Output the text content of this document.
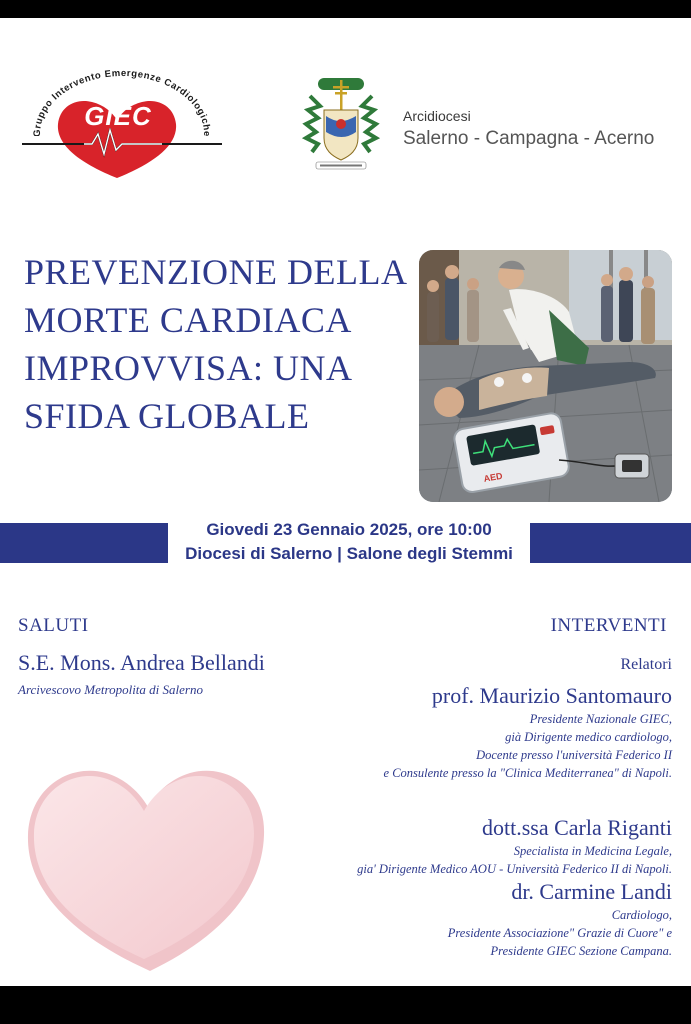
Gruppo Intervento Emergenze Cardiologiche
GIEC	Arcidiocesi
Salerno - Campagna - Acerno
PREVENZIONE DELLA
MORTE CARDIACA
IMPROVVISA: UNA
SFIDA GLOBALE
AED
Giovedi 23 Gennaio 2025, ore 10:00
Diocesi di Salerno | Salone degli Stemmi
SALUTI
S.E. Mons. Andrea Bellandi
Arcivescovo Metropolita di Salerno
INTERVENTI
Relatori
prof. Maurizio Santomauro
Presidente Nazionale GIEC,
già Dirigente medico cardiologo,
Docente presso l'università Federico II
e Consulente presso la "Clinica Mediterranea" di Napoli.
dott.ssa Carla Riganti
Specialista in Medicina Legale,
gia' Dirigente Medico AOU - Università Federico II di Napoli.
dr. Carmine Landi
Cardiologo,
Presidente Associazione" Grazie di Cuore" e
Presidente GIEC Sezione Campana.
